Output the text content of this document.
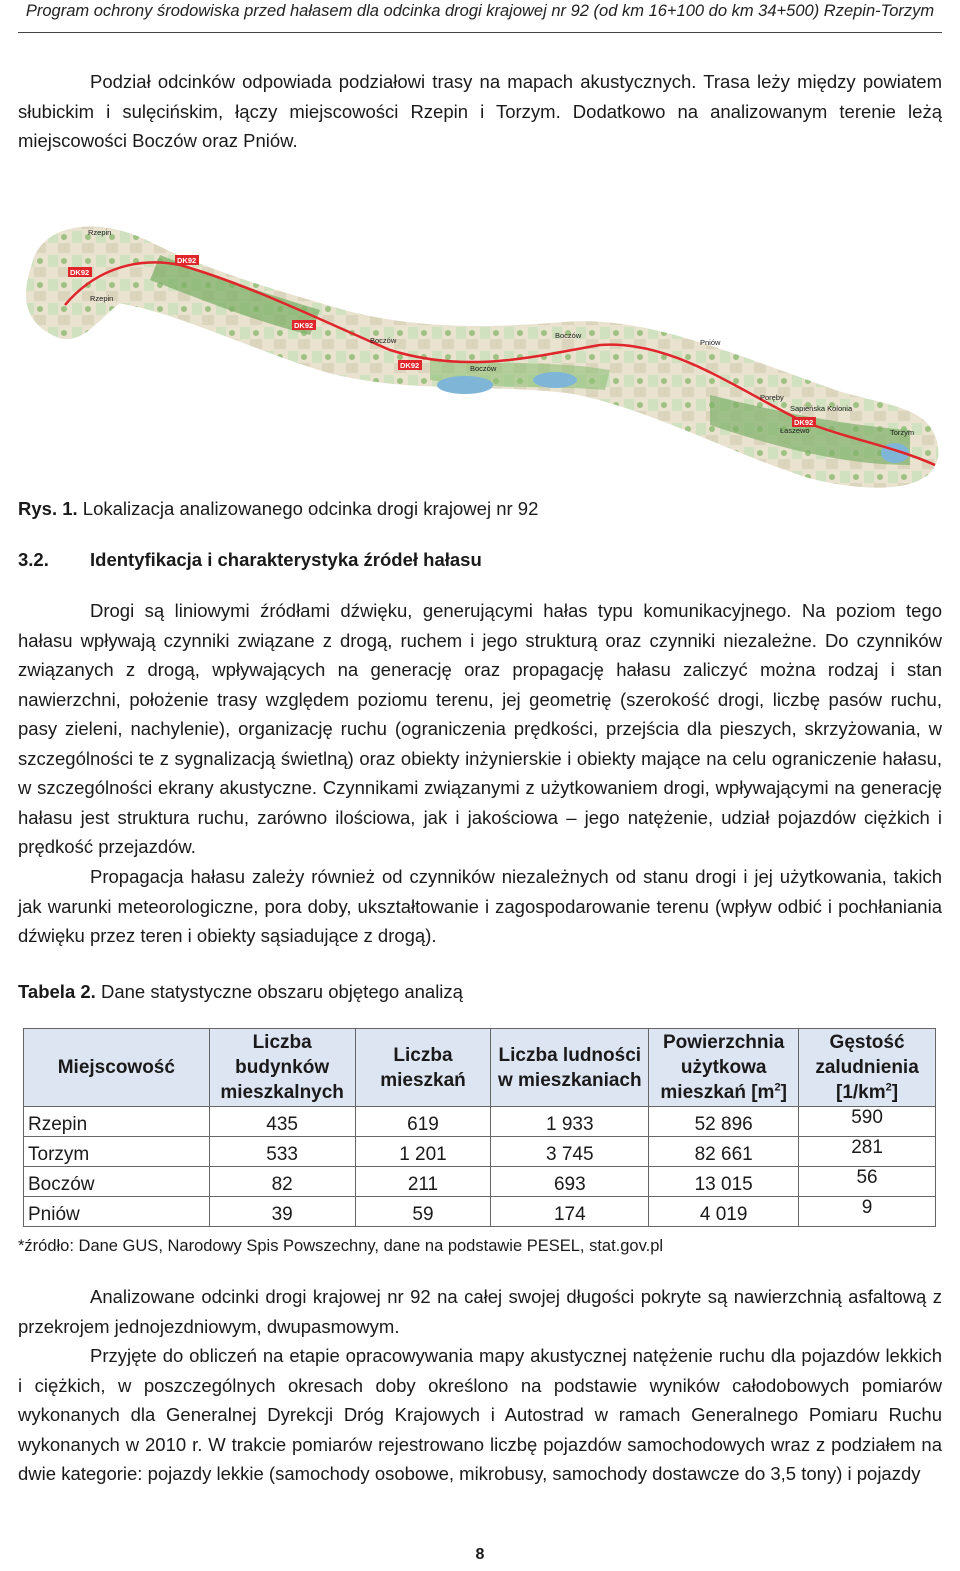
Program ochrony środowiska przed hałasem dla odcinka drogi krajowej nr 92 (od km 16+100 do km 34+500) Rzepin-Torzym

Podział odcinków odpowiada podziałowi trasy na mapach akustycznych. Trasa leży między powiatem słubickim i sulęcińskim, łączy miejscowości Rzepin i Torzym. Dodatkowo na analizowanym terenie leżą miejscowości Boczów oraz Pniów.

DK92
DK92
DK92
DK92
DK92
Rzepin
Rzepin
Boczów
Boczów
Boczów
Pniów
Poręby
Sapieńska Kolonia
Łaszewo	Torzym
Rys. 1. Lokalizacja analizowanego odcinka drogi krajowej nr 92
3.2. Identyfikacja i charakterystyka źródeł hałasu

Drogi są liniowymi źródłami dźwięku, generującymi hałas typu komunikacyjnego. Na poziom tego hałasu wpływają czynniki związane z drogą, ruchem i jego strukturą oraz czynniki niezależne. Do czynników związanych z drogą, wpływających na generację oraz propagację hałasu zaliczyć można rodzaj i stan nawierzchni, położenie trasy względem poziomu terenu, jej geometrię (szerokość drogi, liczbę pasów ruchu, pasy zieleni, nachylenie), organizację ruchu (ograniczenia prędkości, przejścia dla pieszych, skrzyżowania, w szczególności te z sygnalizacją świetlną) oraz obiekty inżynierskie i obiekty mające na celu ograniczenie hałasu, w szczególności ekrany akustyczne. Czynnikami związanymi z użytkowaniem drogi, wpływającymi na generację hałasu jest struktura ruchu, zarówno ilościowa, jak i jakościowa – jego natężenie, udział pojazdów ciężkich i prędkość przejazdów.

Propagacja hałasu zależy również od czynników niezależnych od stanu drogi i jej użytkowania, takich jak warunki meteorologiczne, pora doby, ukształtowanie i zagospodarowanie terenu (wpływ odbić i pochłaniania dźwięku przez teren i obiekty sąsiadujące z drogą).

Tabela 2. Dane statystyczne obszaru objętego analizą
Miejscowość	Liczba budynków mieszkalnych	Liczba mieszkań	Liczba ludności w mieszkaniach	Powierzchnia użytkowa mieszkań $[m^2]$	Gęstość zaludnienia $[1/km^2]$
Rzepin	435	619	1 933	52 896	590
Torzym	533	1 201	3 745	82 661	281
Boczów	82	211	693	13 015	56
Pniów	39	59	174	4 019	9
*źródło: Dane GUS, Narodowy Spis Powszechny, dane na podstawie PESEL, stat.gov.pl

Analizowane odcinki drogi krajowej nr 92 na całej swojej długości pokryte są nawierzchnią asfaltową z przekrojem jednojezdniowym, dwupasmowym.

Przyjęte do obliczeń na etapie opracowywania mapy akustycznej natężenie ruchu dla pojazdów lekkich i ciężkich, w poszczególnych okresach doby określono na podstawie wyników całodobowych pomiarów wykonanych dla Generalnej Dyrekcji Dróg Krajowych i Autostrad w ramach Generalnego Pomiaru Ruchu wykonanych w 2010 r. W trakcie pomiarów rejestrowano liczbę pojazdów samochodowych wraz z podziałem na dwie kategorie: pojazdy lekkie (samochody osobowe, mikrobusy, samochody dostawcze do 3,5 tony) i pojazdy

8
